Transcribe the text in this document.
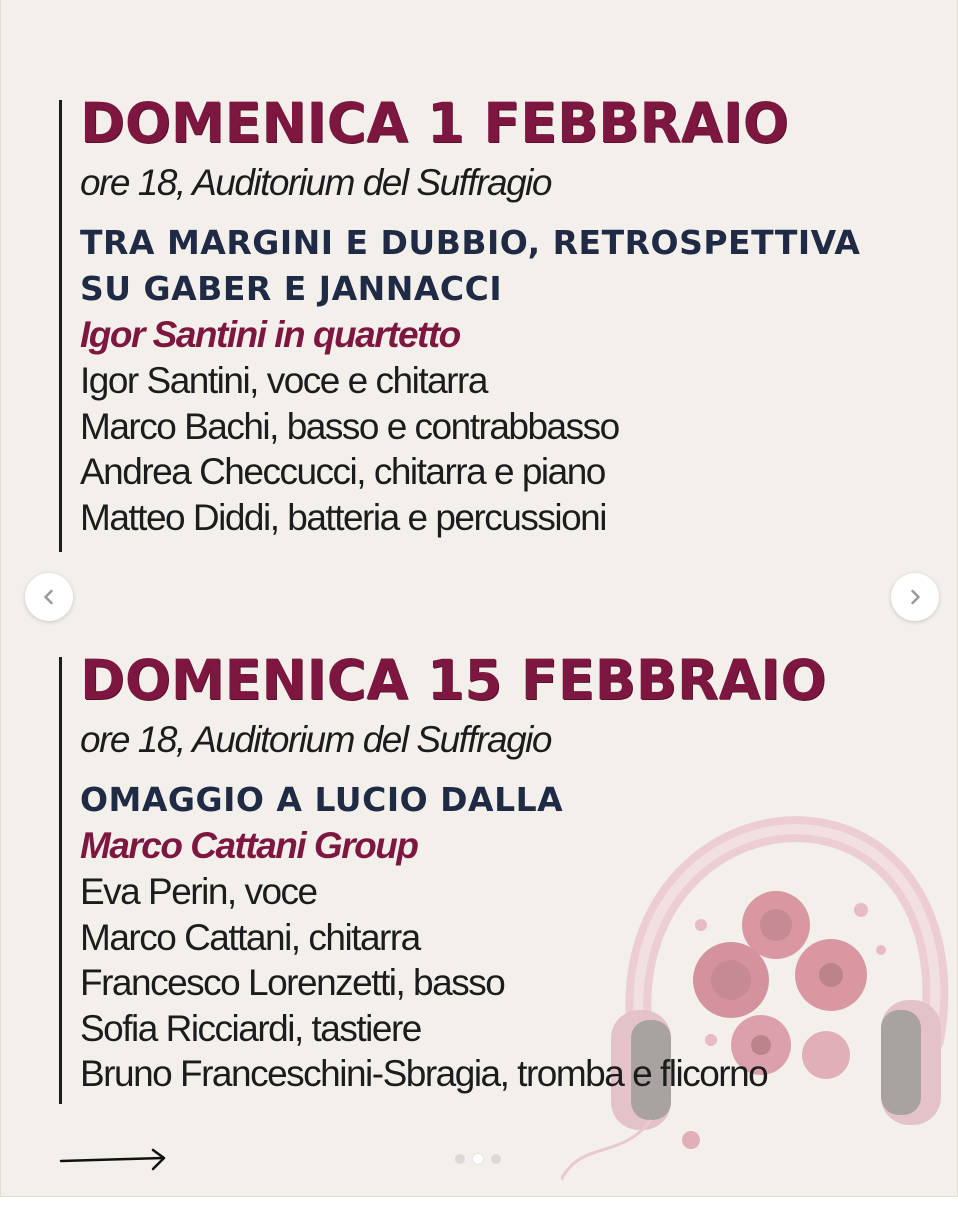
DOMENICA 1 FEBBRAIO
ore 18, Auditorium del Suffragio
TRA MARGINI E DUBBIO, RETROSPETTIVA
SU GABER E JANNACCI
Igor Santini in quartetto
Igor Santini, voce e chitarra
Marco Bachi, basso e contrabbasso
Andrea Checcucci, chitarra e piano
Matteo Diddi, batteria e percussioni
DOMENICA 15 FEBBRAIO
ore 18, Auditorium del Suffragio
OMAGGIO A LUCIO DALLA
Marco Cattani Group
Eva Perin, voce
Marco Cattani, chitarra
Francesco Lorenzetti, basso
Sofia Ricciardi, tastiere
Bruno Franceschini-Sbragia, tromba e flicorno
